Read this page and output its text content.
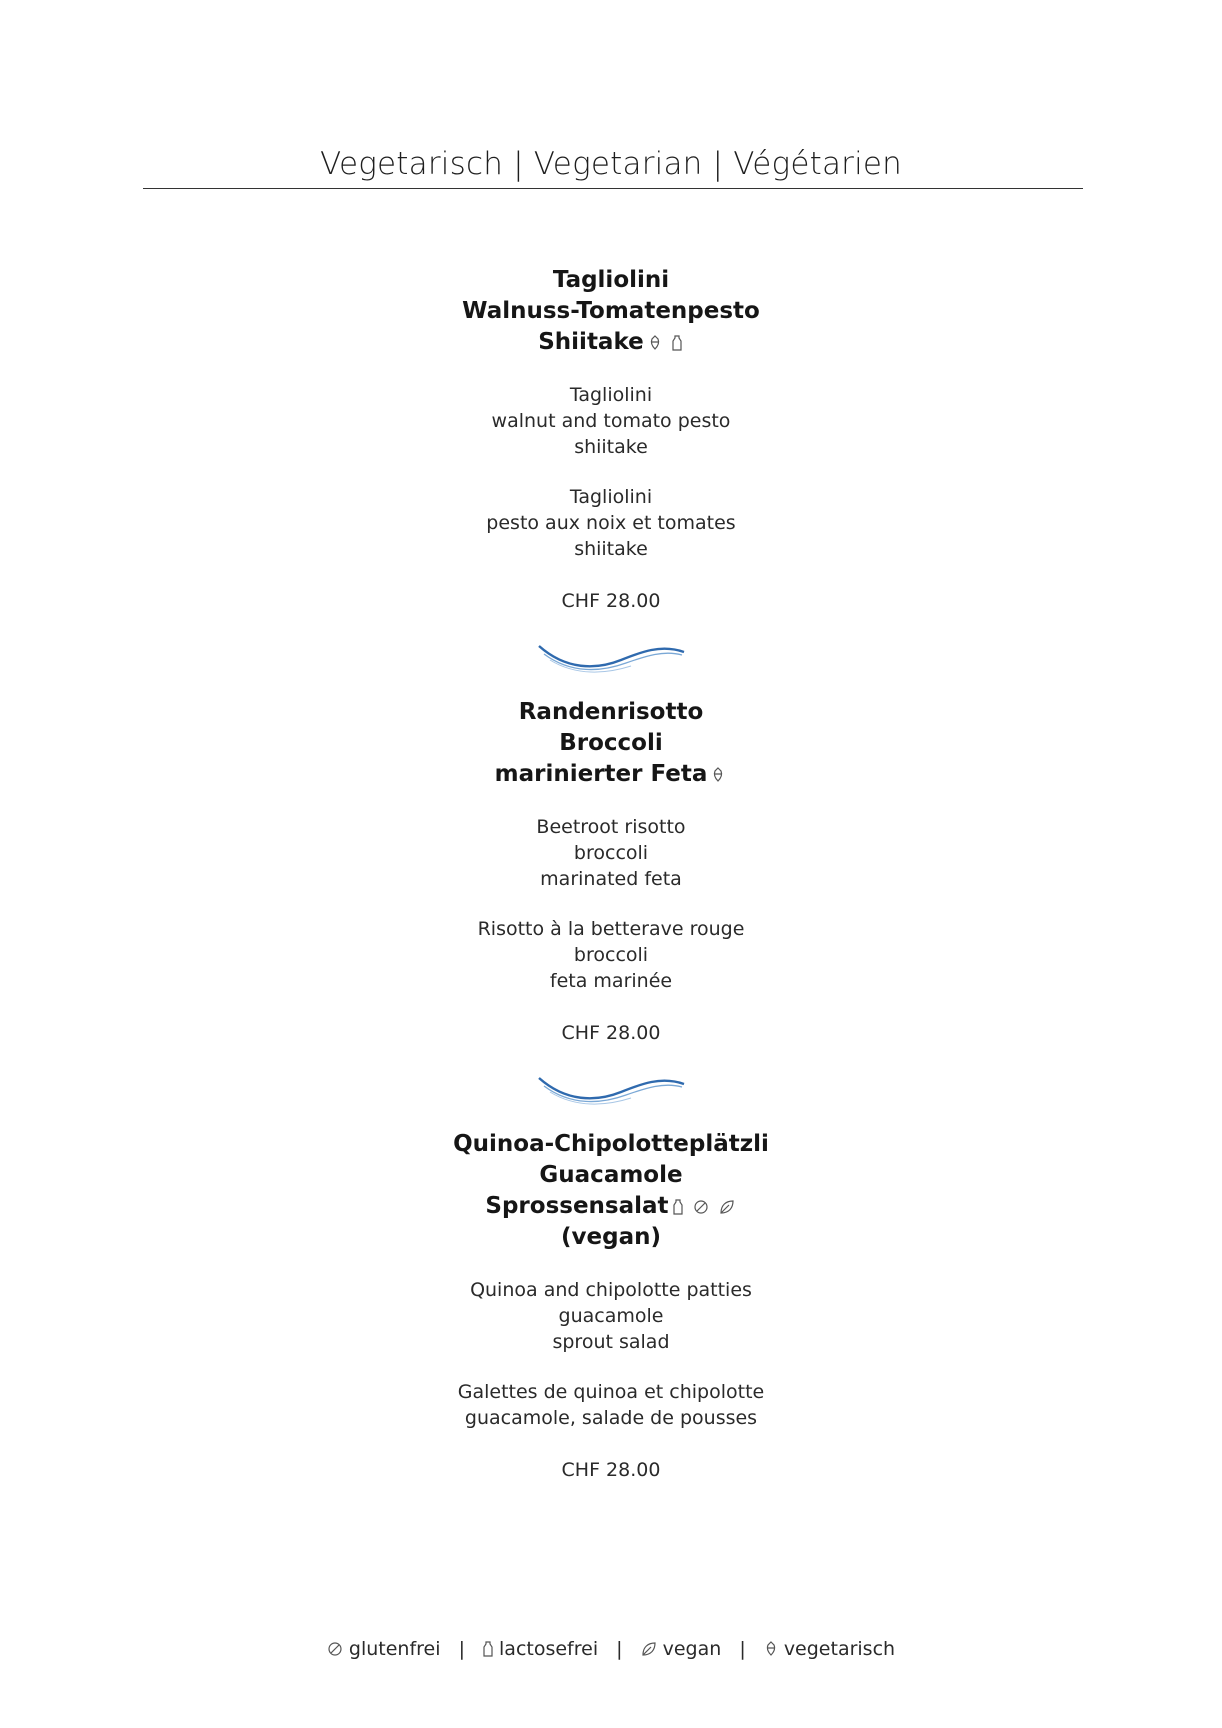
Vegetarisch | Vegetarian | Végétarien
Tagliolini
Walnuss-Tomatenpesto
Shiitake
Tagliolini
walnut and tomato pesto
shiitake
Tagliolini
pesto aux noix et tomates
shiitake
CHF 28.00
Randenrisotto
Broccoli
marinierter Feta
Beetroot risotto
broccoli
marinated feta
Risotto à la betterave rouge
broccoli
feta marinée
CHF 28.00
Quinoa-Chipolotteplätzli
Guacamole
Sprossensalat
(vegan)
Quinoa and chipolotte patties
guacamole
sprout salad
Galettes de quinoa et chipolotte
guacamole, salade de pousses
CHF 28.00
glutenfrei | lactosefrei | vegan | vegetarisch
